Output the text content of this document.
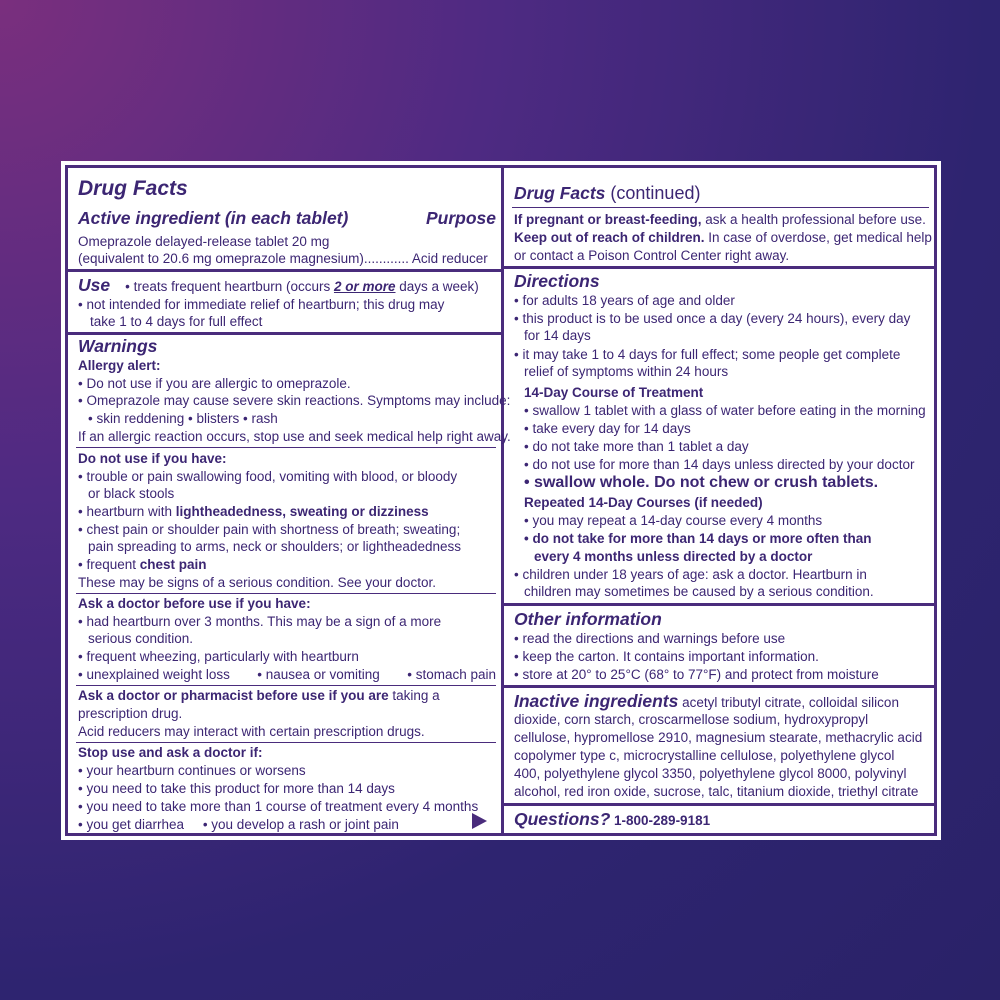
Drug Facts
Active ingredient (in each tablet)	Purpose
Omeprazole delayed-release tablet 20 mg
(equivalent to 20.6 mg omeprazole magnesium)............ Acid reducer
Use • treats frequent heartburn (occurs 2 or more days a week)
• not intended for immediate relief of heartburn; this drug may
take 1 to 4 days for full effect
Warnings
Allergy alert:
• Do not use if you are allergic to omeprazole.
• Omeprazole may cause severe skin reactions. Symptoms may include:
• skin reddening • blisters • rash
If an allergic reaction occurs, stop use and seek medical help right away.
Do not use if you have:
• trouble or pain swallowing food, vomiting with blood, or bloody
or black stools
• heartburn with lightheadedness, sweating or dizziness
• chest pain or shoulder pain with shortness of breath; sweating;
pain spreading to arms, neck or shoulders; or lightheadedness
• frequent chest pain
These may be signs of a serious condition. See your doctor.
Ask a doctor before use if you have:
• had heartburn over 3 months. This may be a sign of a more
serious condition.
• frequent wheezing, particularly with heartburn
• unexplained weight loss • nausea or vomiting • stomach pain
Ask a doctor or pharmacist before use if you are taking a
prescription drug.
Acid reducers may interact with certain prescription drugs.
Stop use and ask a doctor if:
• your heartburn continues or worsens
• you need to take this product for more than 14 days
• you need to take more than 1 course of treatment every 4 months
• you get diarrhea • you develop a rash or joint pain
Drug Facts (continued)
If pregnant or breast-feeding, ask a health professional before use.
Keep out of reach of children. In case of overdose, get medical help
or contact a Poison Control Center right away.
Directions
• for adults 18 years of age and older
• this product is to be used once a day (every 24 hours), every day
for 14 days
• it may take 1 to 4 days for full effect; some people get complete
relief of symptoms within 24 hours
14-Day Course of Treatment
• swallow 1 tablet with a glass of water before eating in the morning
• take every day for 14 days
• do not take more than 1 tablet a day
• do not use for more than 14 days unless directed by your doctor
• swallow whole. Do not chew or crush tablets.
Repeated 14-Day Courses (if needed)
• you may repeat a 14-day course every 4 months
• do not take for more than 14 days or more often than
every 4 months unless directed by a doctor
• children under 18 years of age: ask a doctor. Heartburn in
children may sometimes be caused by a serious condition.
Other information
• read the directions and warnings before use
• keep the carton. It contains important information.
• store at 20° to 25°C (68° to 77°F) and protect from moisture
Inactive ingredients acetyl tributyl citrate, colloidal silicon
dioxide, corn starch, croscarmellose sodium, hydroxypropyl
cellulose, hypromellose 2910, magnesium stearate, methacrylic acid
copolymer type c, microcrystalline cellulose, polyethylene glycol
400, polyethylene glycol 3350, polyethylene glycol 8000, polyvinyl
alcohol, red iron oxide, sucrose, talc, titanium dioxide, triethyl citrate
Questions? 1-800-289-9181
